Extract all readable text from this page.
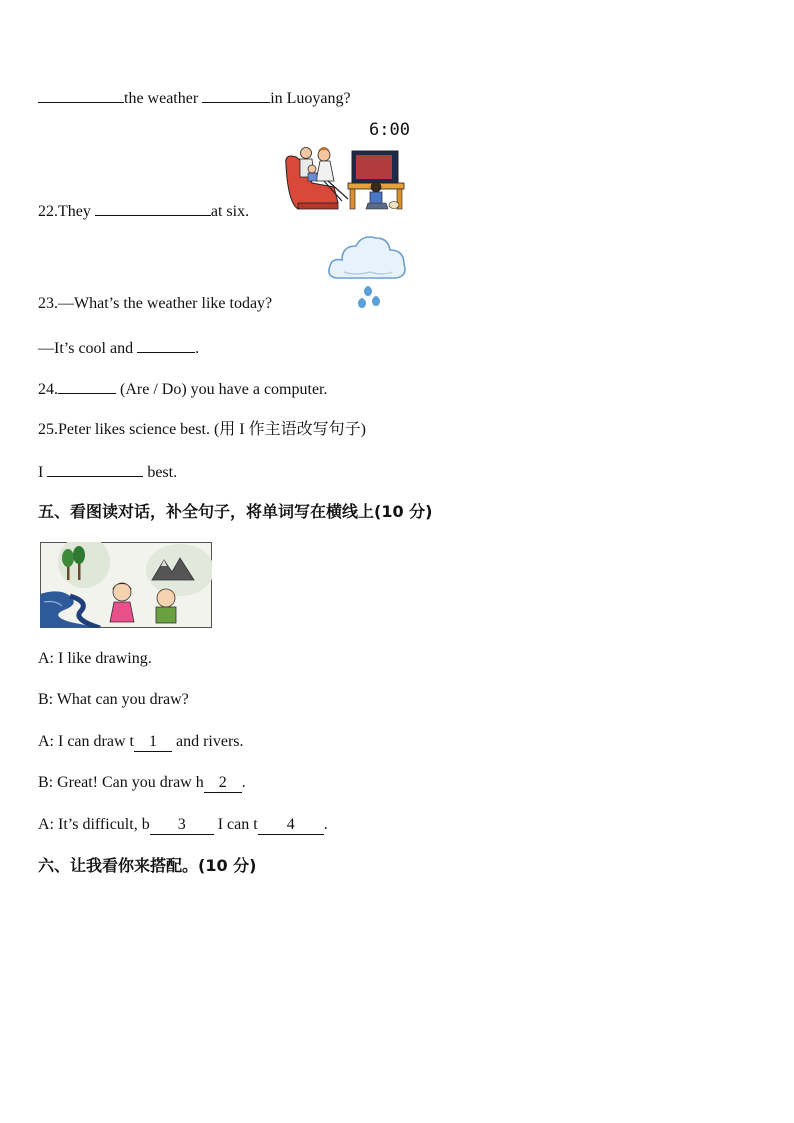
the weather	in Luoyang?
6:00
22.They	at six.
23.—What’s the weather like today?
—It’s cool and	.
24.	(Are / Do) you have a computer.
25.Peter likes science best. (用 I 作主语改写句子)
I	best.
五、看图读对话，补全句子，将单词写在横线上(10 分)
A: I like drawing.
B: What can you draw?
A: I can draw t 1 and rivers.
B: Great! Can you draw h 2 .
A: It’s difficult, b 3 I can t 4 .
六、让我看你来搭配。(10 分)
